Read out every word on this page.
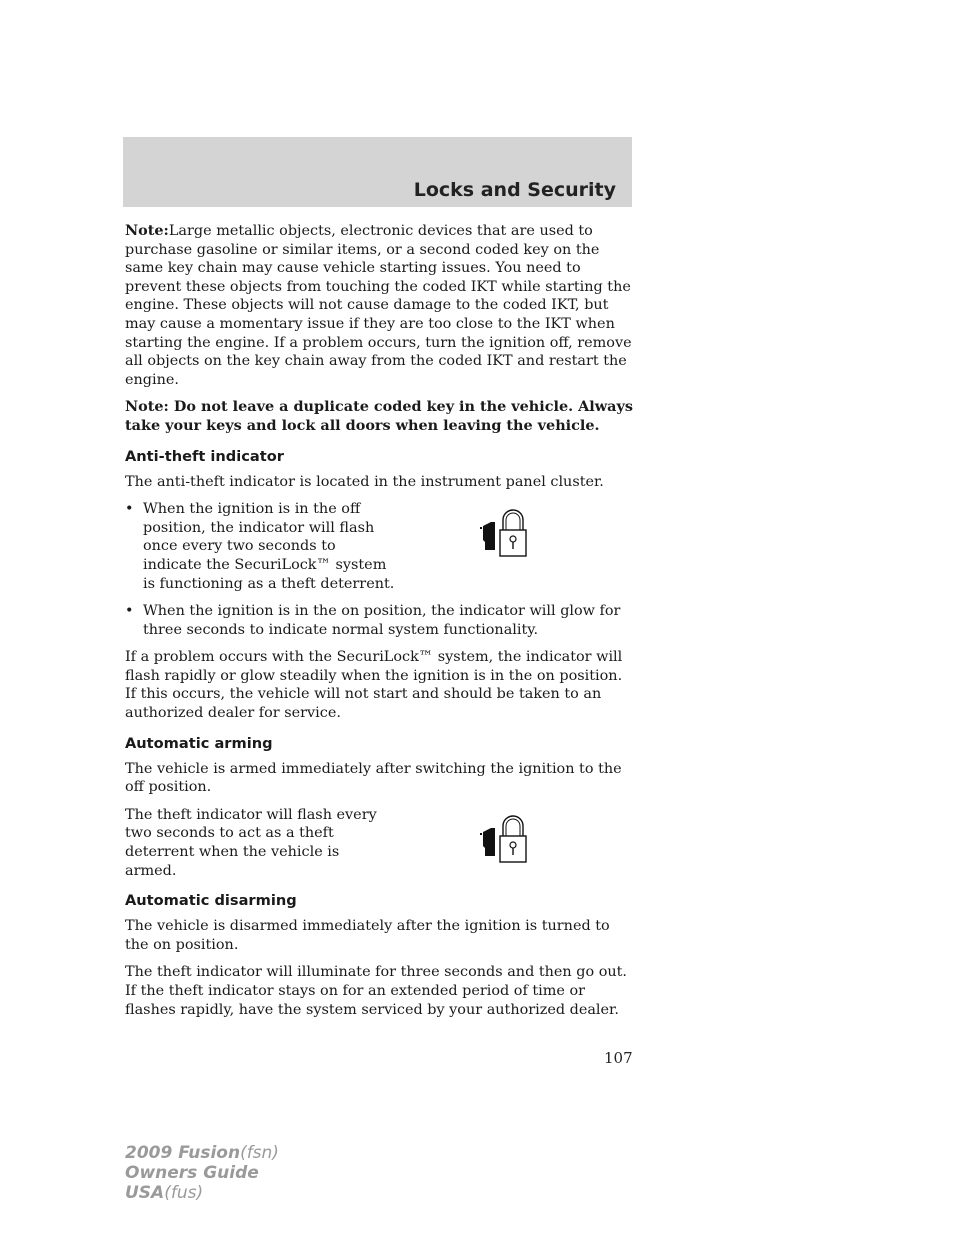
Locks and Security

Note:Large metallic objects, electronic devices that are used to purchase gasoline or similar items, or a second coded key on the same key chain may cause vehicle starting issues. You need to prevent these objects from touching the coded IKT while starting the engine. These objects will not cause damage to the coded IKT, but may cause a momentary issue if they are too close to the IKT when starting the engine. If a problem occurs, turn the ignition off, remove all objects on the key chain away from the coded IKT and restart the engine.

Note: Do not leave a duplicate coded key in the vehicle. Always take your keys and lock all doors when leaving the vehicle.

Anti-theft indicator

The anti-theft indicator is located in the instrument panel cluster.

• When the ignition is in the off position, the indicator will flash once every two seconds to indicate the SecuriLock™ system is functioning as a theft deterrent.
• When the ignition is in the on position, the indicator will glow for three seconds to indicate normal system functionality.

If a problem occurs with the SecuriLock™ system, the indicator will flash rapidly or glow steadily when the ignition is in the on position. If this occurs, the vehicle will not start and should be taken to an authorized dealer for service.

Automatic arming

The vehicle is armed immediately after switching the ignition to the off position.

The theft indicator will flash every two seconds to act as a theft deterrent when the vehicle is armed.

Automatic disarming

The vehicle is disarmed immediately after the ignition is turned to the on position.

The theft indicator will illuminate for three seconds and then go out. If the theft indicator stays on for an extended period of time or flashes rapidly, have the system serviced by your authorized dealer.

107
2009 Fusion(fsn)
Owners Guide
USA(fus)
